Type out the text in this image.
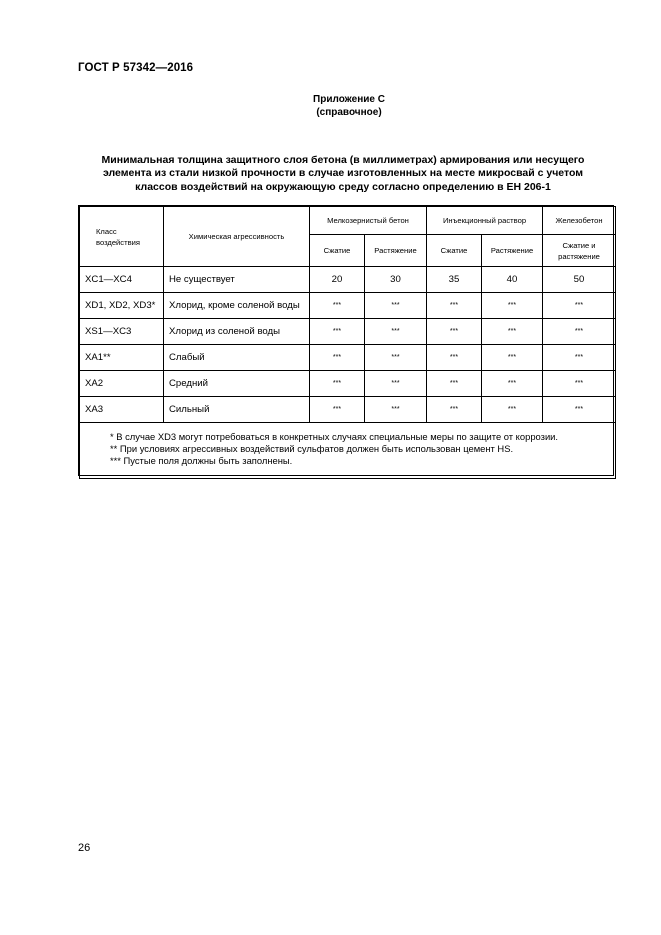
ГОСТ Р 57342—2016
Приложение С
(справочное)
Минимальная толщина защитного слоя бетона (в миллиметрах) армирования или несущего
элемента из стали низкой прочности в случае изготовленных на месте микросвай с учетом
классов воздействий на окружающую среду согласно определению в ЕН 206-1
Класс воздействия	Химическая агрессивность	Мелкозернистый бетон		Инъекционный раствор		Железобетон
		Сжатие	Растяжение	Сжатие	Растяжение	Сжатие и растяжение
XC1—XC4	Не существует	20	30	35	40	50
XD1, XD2, XD3*	Хлорид, кроме соленой воды	***	***	***	***	***
XS1—XC3	Хлорид из соленой воды	***	***	***	***	***
XA1**	Слабый	***	***	***	***	***
XA2	Средний	***	***	***	***	***
XA3	Сильный	***	***	***	***	***

* В случае XD3 могут потребоваться в конкретных случаях специальные меры по защите от коррозии.
** При условиях агрессивных воздействий сульфатов должен быть использован цемент HS.
*** Пустые поля должны быть заполнены.						
26
